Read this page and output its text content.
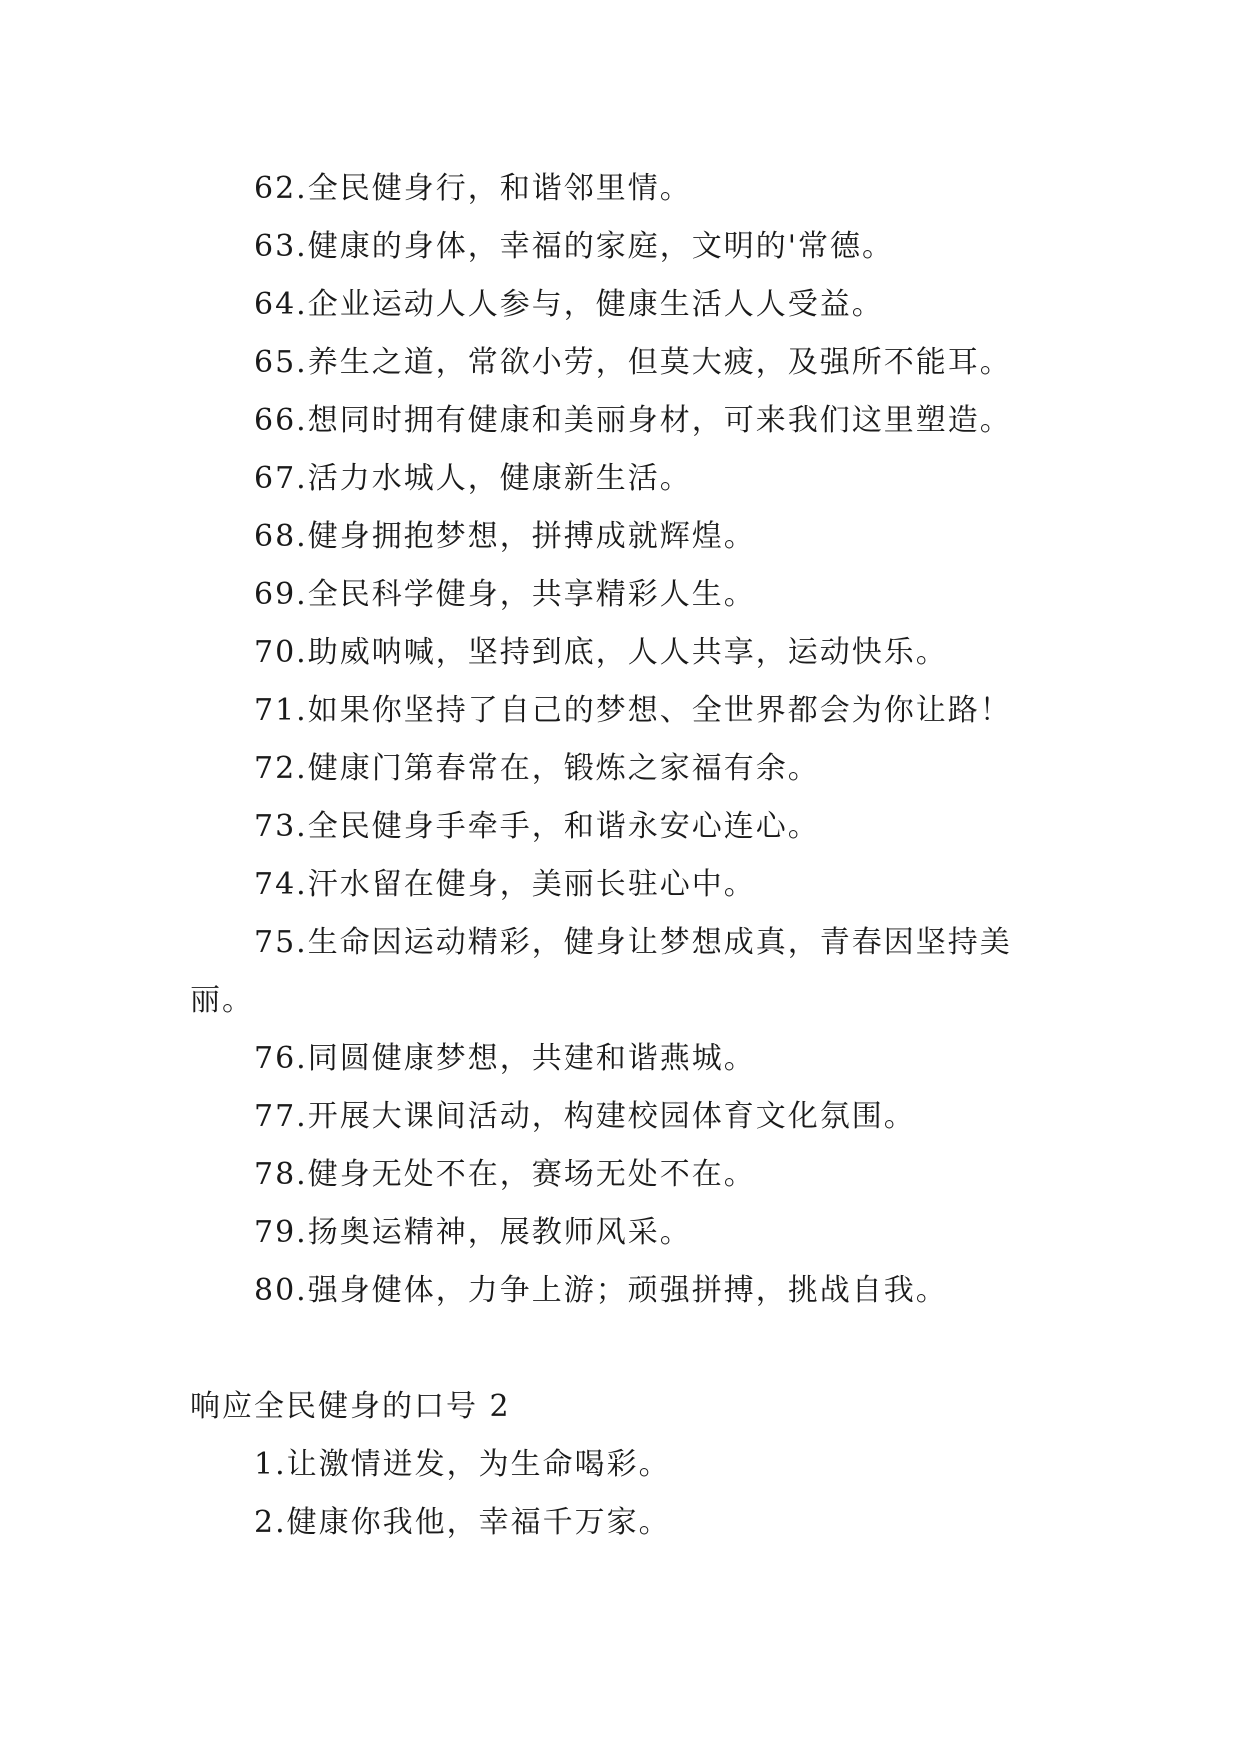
62.全民健身行，和谐邻里情。
63.健康的身体，幸福的家庭，文明的'常德。
64.企业运动人人参与，健康生活人人受益。
65.养生之道，常欲小劳，但莫大疲，及强所不能耳。
66.想同时拥有健康和美丽身材，可来我们这里塑造。
67.活力水城人，健康新生活。
68.健身拥抱梦想，拼搏成就辉煌。
69.全民科学健身，共享精彩人生。
70.助威呐喊，坚持到底，人人共享，运动快乐。
71.如果你坚持了自己的梦想、全世界都会为你让路！
72.健康门第春常在，锻炼之家福有余。
73.全民健身手牵手，和谐永安心连心。
74.汗水留在健身，美丽长驻心中。
75.生命因运动精彩，健身让梦想成真，青春因坚持美丽。
76.同圆健康梦想，共建和谐燕城。
77.开展大课间活动，构建校园体育文化氛围。
78.健身无处不在，赛场无处不在。
79.扬奥运精神，展教师风采。
80.强身健体，力争上游；顽强拼搏，挑战自我。
响应全民健身的口号 2
1.让激情迸发，为生命喝彩。
2.健康你我他，幸福千万家。
